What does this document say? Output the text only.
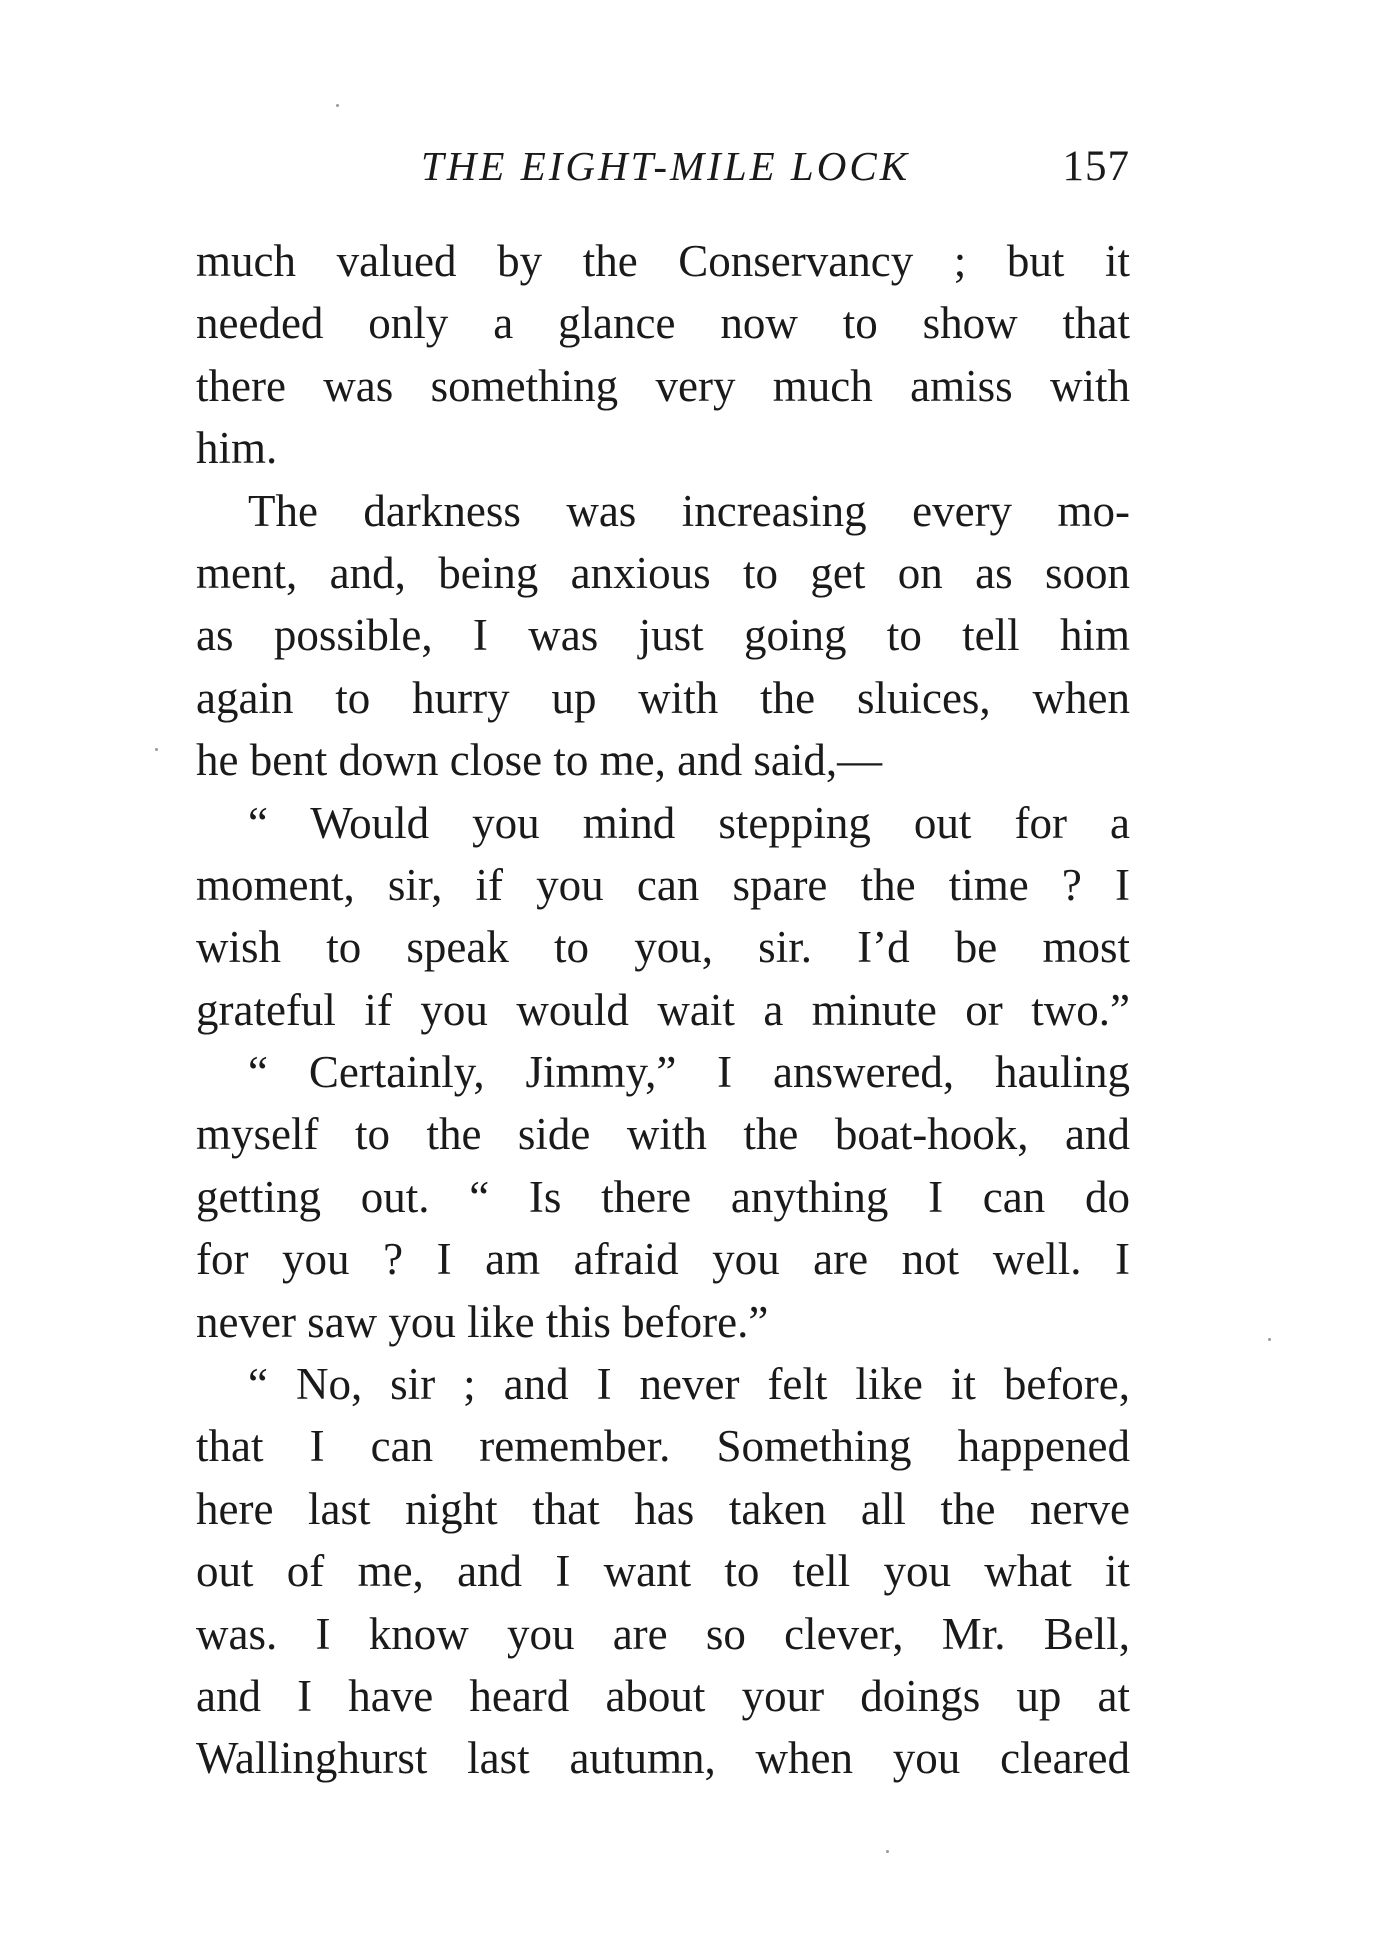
THE EIGHT-MILE LOCK	157
much valued by the Conservancy ; but it
needed only a glance now to show that
there was something very much amiss with
him.
The darkness was increasing every mo-
ment, and, being anxious to get on as soon
as possible, I was just going to tell him
again to hurry up with the sluices, when
he bent down close to me, and said,—
“ Would you mind stepping out for a
moment, sir, if you can spare the time ? I
wish to speak to you, sir. I’d be most
grateful if you would wait a minute or two.”
“ Certainly, Jimmy,” I answered, hauling
myself to the side with the boat-hook, and
getting out. “ Is there anything I can do
for you ? I am afraid you are not well. I
never saw you like this before.”
“ No, sir ; and I never felt like it before,
that I can remember. Something happened
here last night that has taken all the nerve
out of me, and I want to tell you what it
was. I know you are so clever, Mr. Bell,
and I have heard about your doings up at
Wallinghurst last autumn, when you cleared
